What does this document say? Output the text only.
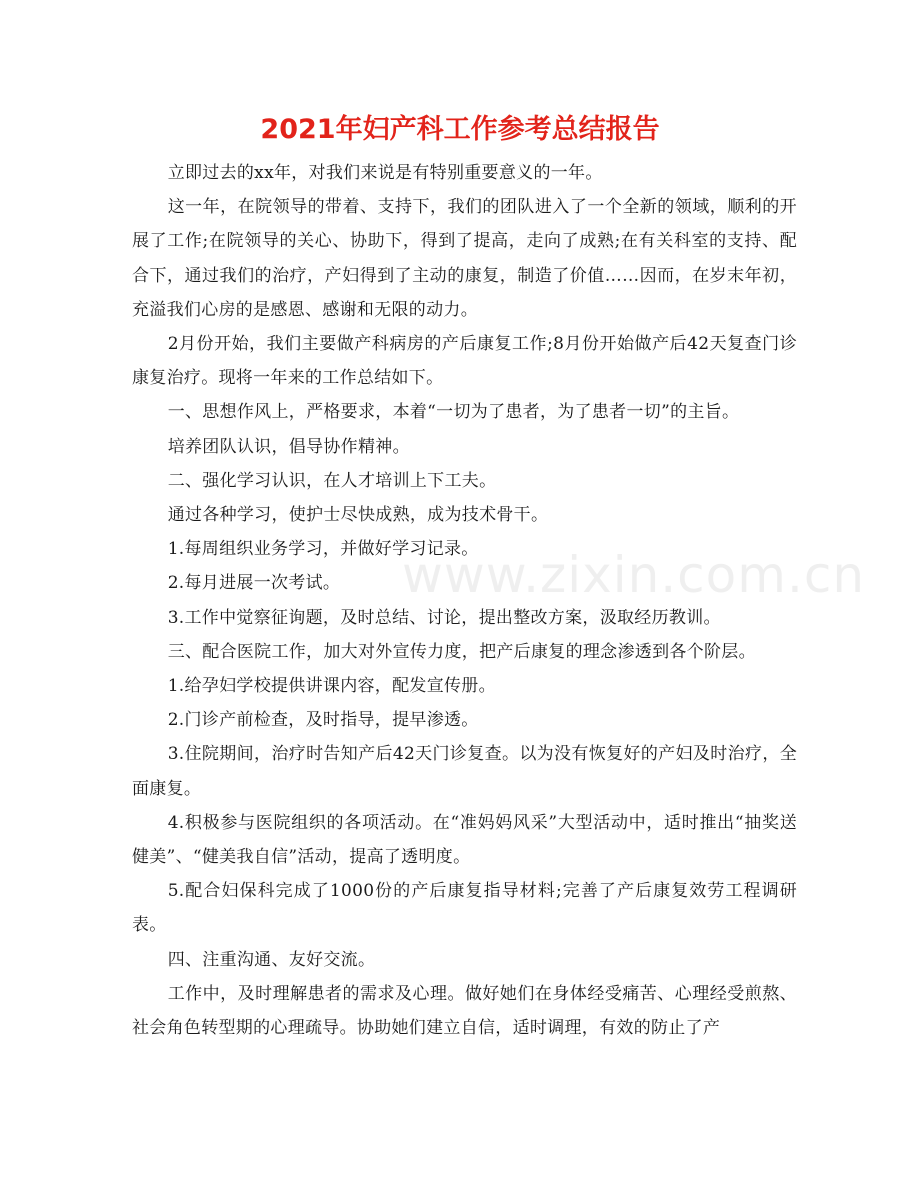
2021年妇产科工作参考总结报告

立即过去的xx年，对我们来说是有特别重要意义的一年。

这一年，在院领导的带着、支持下，我们的团队进入了一个全新的领域，顺利的开展了工作;在院领导的关心、协助下，得到了提高，走向了成熟;在有关科室的支持、配合下，通过我们的治疗，产妇得到了主动的康复，制造了价值……因而，在岁末年初，充溢我们心房的是感恩、感谢和无限的动力。

2月份开始，我们主要做产科病房的产后康复工作;8月份开始做产后42天复查门诊康复治疗。现将一年来的工作总结如下。

一、思想作风上，严格要求，本着“一切为了患者，为了患者一切”的主旨。

培养团队认识，倡导协作精神。

二、强化学习认识，在人才培训上下工夫。

通过各种学习，使护士尽快成熟，成为技术骨干。

1.每周组织业务学习，并做好学习记录。

2.每月进展一次考试。

3.工作中觉察征询题，及时总结、讨论，提出整改方案，汲取经历教训。

三、配合医院工作，加大对外宣传力度，把产后康复的理念渗透到各个阶层。

1.给孕妇学校提供讲课内容，配发宣传册。

2.门诊产前检查，及时指导，提早渗透。

3.住院期间，治疗时告知产后42天门诊复查。以为没有恢复好的产妇及时治疗，全面康复。

4.积极参与医院组织的各项活动。在“准妈妈风采”大型活动中，适时推出“抽奖送健美”、“健美我自信”活动，提高了透明度。

5.配合妇保科完成了1000份的产后康复指导材料;完善了产后康复效劳工程调研表。

四、注重沟通、友好交流。

工作中，及时理解患者的需求及心理。做好她们在身体经受痛苦、心理经受煎熬、社会角色转型期的心理疏导。协助她们建立自信，适时调理，有效的防止了产

www.zixin.com.cn
